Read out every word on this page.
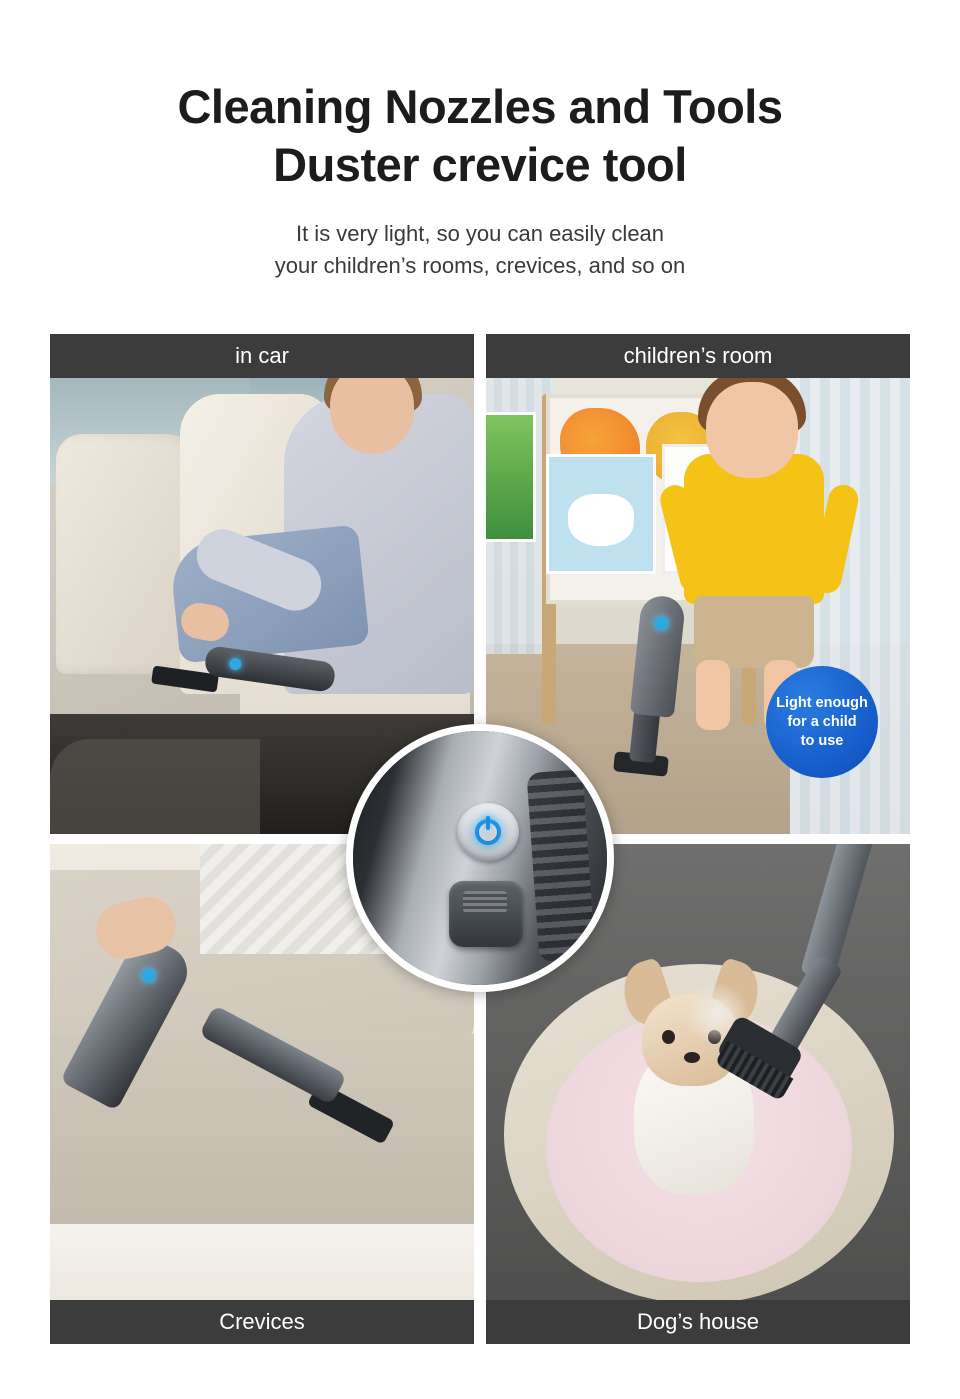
Cleaning Nozzles and Tools
Duster crevice tool
It is very light, so you can easily clean
your children’s rooms, crevices, and so on
in car	children’s room
Light enough
for a child
to use
Crevices	Dog’s house
